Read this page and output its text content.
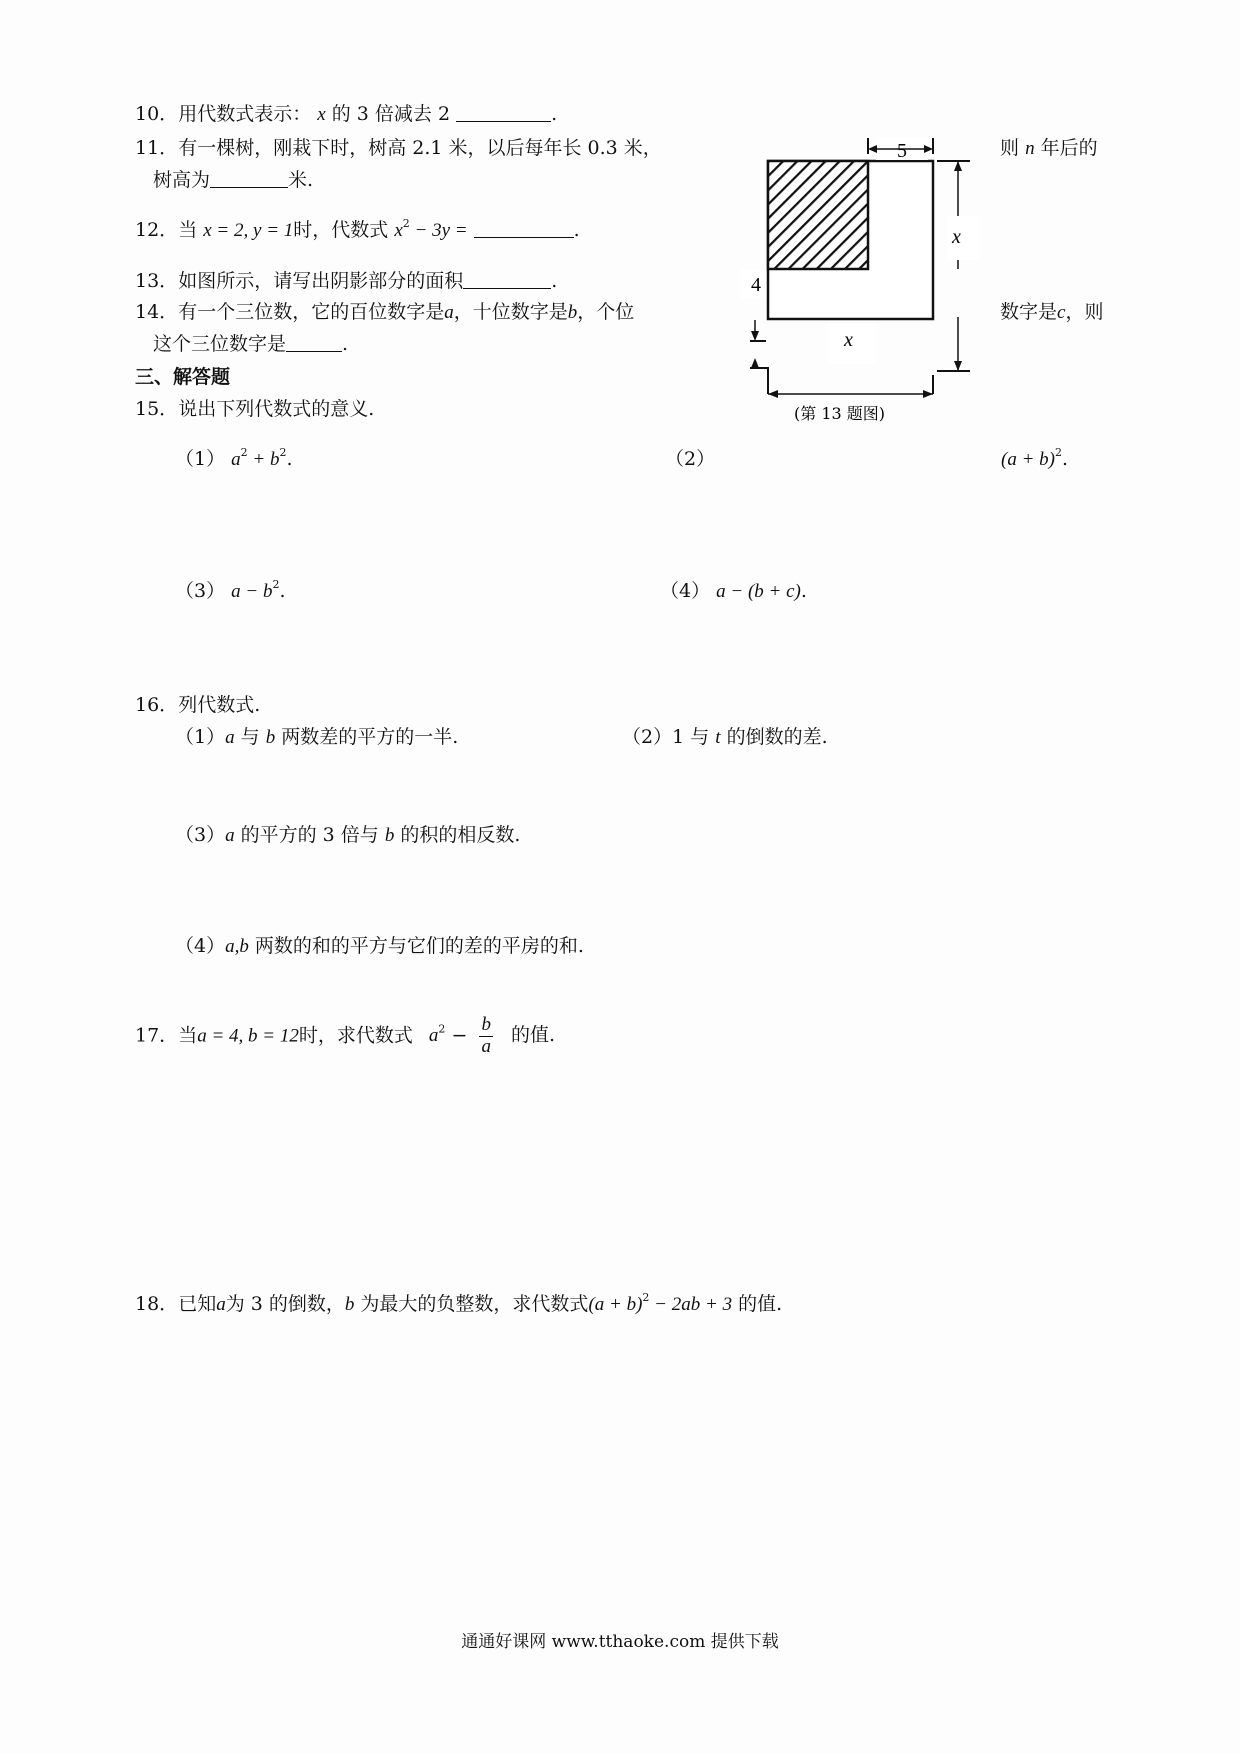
10．用代数式表示： x 的 3 倍减去 2	.
11．有一棵树，刚栽下时，树高 2.1 米，以后每年长 0.3 米，	则 n 年后的
树高为	米.
12．当 x = 2, y = 1时，代数式 $x^2 - 3y$ =	.
13．如图所示，请写出阴影部分的面积	.
14．有一个三位数，它的百位数字是a，十位数字是b，个位	数字是c，则
这个三位数字是	.
三、解答题
15．说出下列代数式的意义.
（1） $a^2 + b^2$.	（2）	$(a + b)^2$.
（3） $a - b^2$.	（4） a − (b + c).
16．列代数式.
（1）a 与 b 两数差的平方的一半.	（2）1 与 t 的倒数的差.
（3）a 的平方的 3 倍与 b 的积的相反数.
（4）a,b 两数的和的平方与它们的差的平房的和.
17．当a = 4, b = 12时，求代数式 $a^2 - \frac{b}{a}$ 的值.
18．已知a为 3 的倒数，b 为最大的负整数，求代数式$(a + b)^2 - 2ab + 3$ 的值.
5
x
4
x
(第 13 题图)
通通好课网 www.tthaoke.com 提供下载
